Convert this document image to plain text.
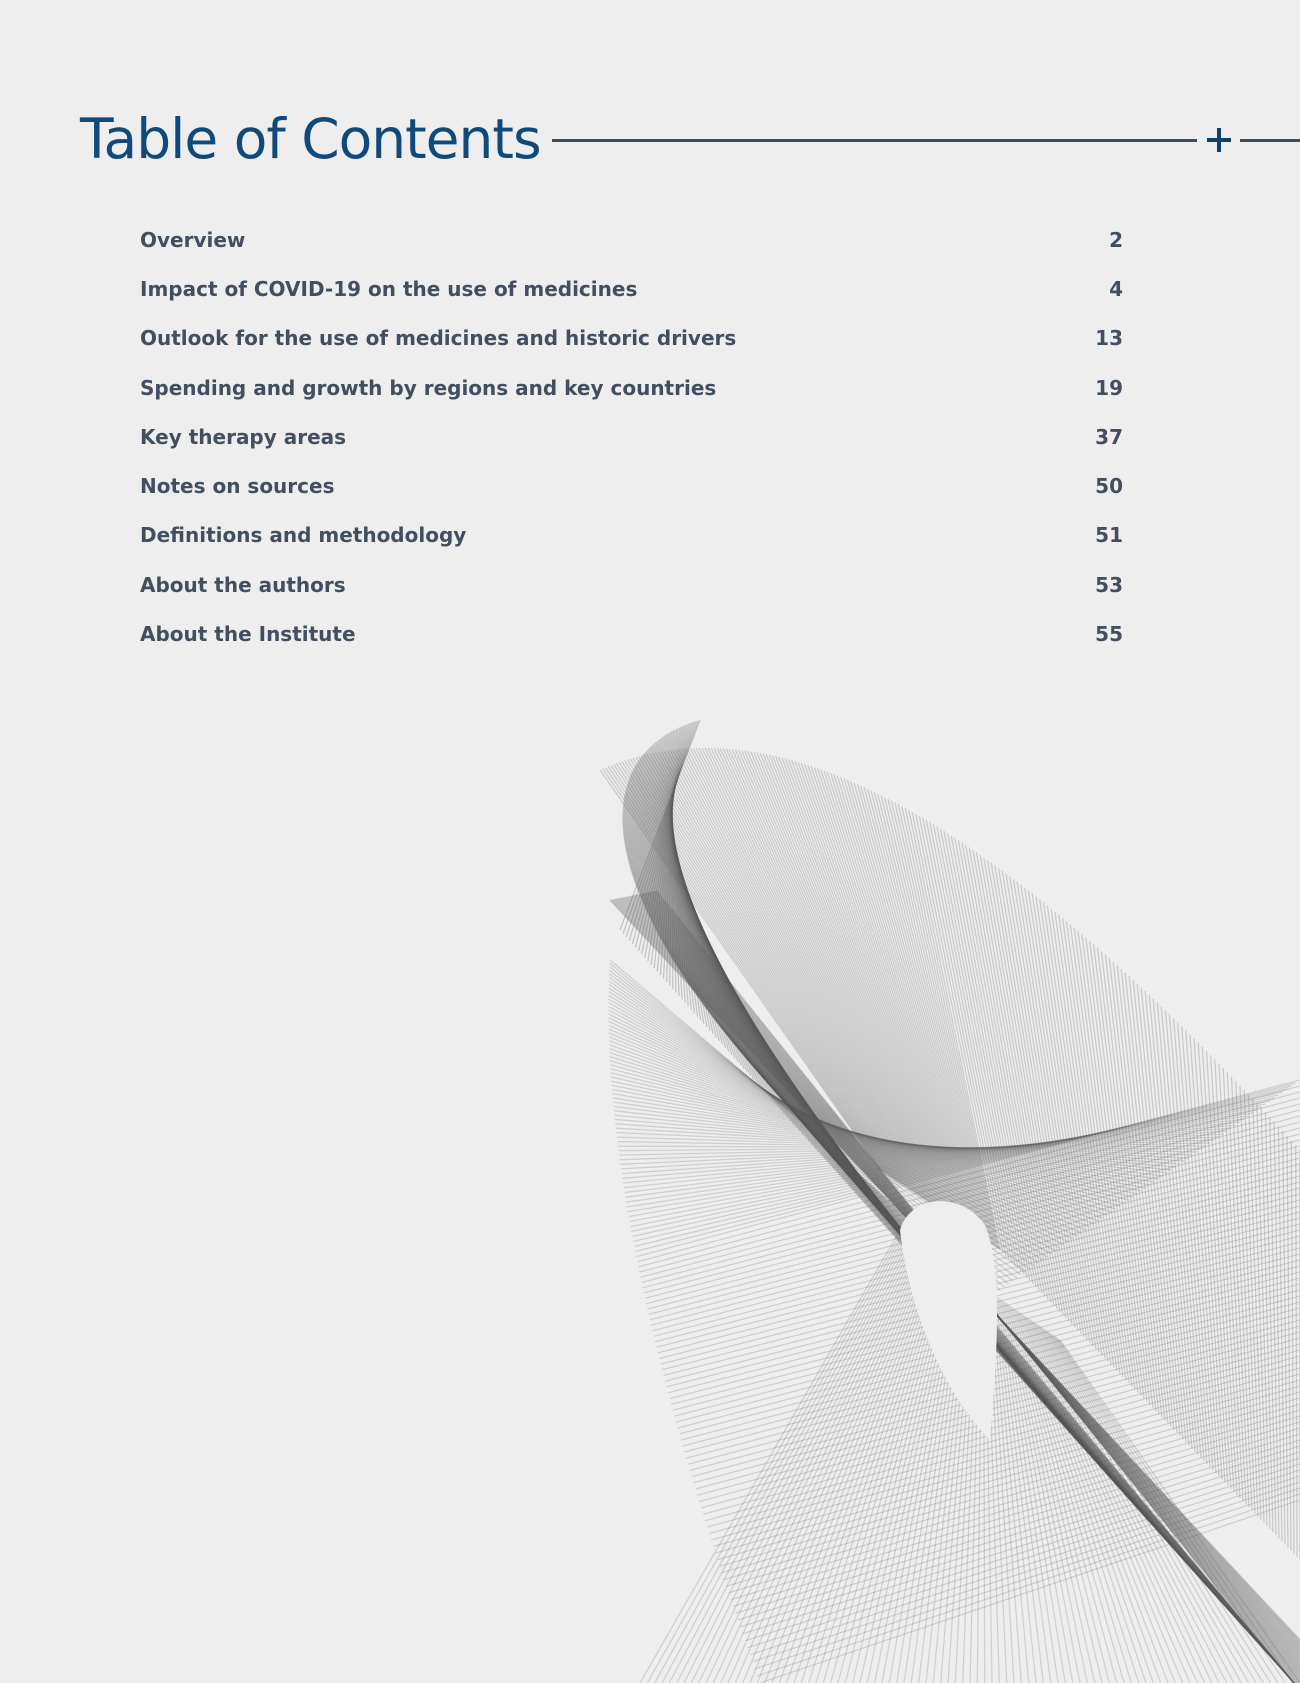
Table of Contents
Overview	2
Impact of COVID-19 on the use of medicines	4
Outlook for the use of medicines and historic drivers	13
Spending and growth by regions and key countries	19
Key therapy areas	37
Notes on sources	50
Definitions and methodology	51
About the authors	53
About the Institute	55
